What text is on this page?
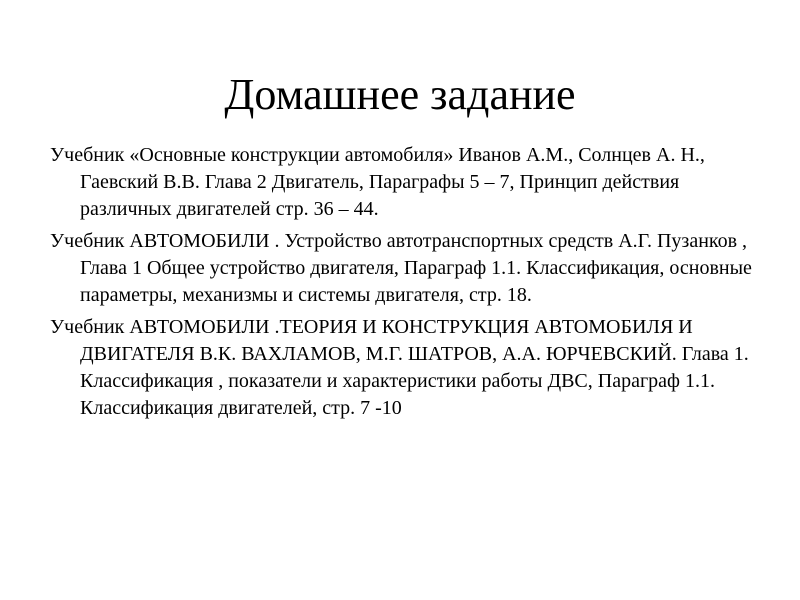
Домашнее задание

Учебник «Основные конструкции автомобиля» Иванов А.М., Солнцев А. Н., Гаевский В.В. Глава 2 Двигатель, Параграфы 5 – 7, Принцип действия различных двигателей стр. 36 – 44.

Учебник АВТОМОБИЛИ . Устройство автотранспортных средств А.Г. Пузанков , Глава 1 Общее устройство двигателя, Параграф 1.1. Классификация, основные параметры, механизмы и системы двигателя, стр. 18.

Учебник АВТОМОБИЛИ .ТЕОРИЯ И КОНСТРУКЦИЯ АВТОМОБИЛЯ И ДВИГАТЕЛЯ В.К. ВАХЛАМОВ, М.Г. ШАТРОВ, А.А. ЮРЧЕВСКИЙ. Глава 1. Классификация , показатели и характеристики работы ДВС, Параграф 1.1. Классификация двигателей, стр. 7 -10
